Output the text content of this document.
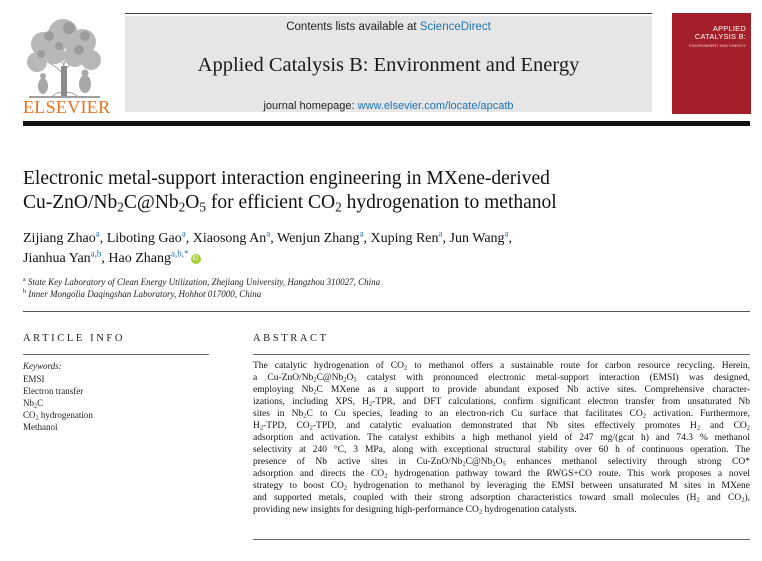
Contents lists available at ScienceDirect
Applied Catalysis B: Environment and Energy
journal homepage: www.elsevier.com/locate/apcatb
ELSEVIER
APPLIED
CATALYSIS B:
ENVIRONMENT AND ENERGY
Electronic metal-support interaction engineering in MXene-derived
$Cu-ZnO/Nb_2C@Nb_2O_5$ for efficient $CO_2$ hydrogenation to methanol
Zijiang Zhao$^a$, Liboting Gao$^a$, Xiaosong An$^a$, Wenjun Zhang$^a$, Xuping Ren$^a$, Jun Wang$^a$,
Jianhua Yan$^{a,b}$, Hao Zhang$^{a,b,*}$iD
$^a$ State Key Laboratory of Clean Energy Utilization, Zhejiang University, Hangzhou 310027, China
$^b$ Inner Mongolia Daqingshan Laboratory, Hohhot 017000, China
ARTICLE INFO
Keywords:
EMSI
Electron transfer
$Nb_2C$
$CO_2$ hydrogenation
Methanol
ABSTRACT

The catalytic hydrogenation of $CO_2$ to methanol offers a sustainable route for carbon resource recycling. Herein,

a $Cu-ZnO/Nb_2C@Nb_2O_5$ catalyst with pronounced electronic metal-support interaction (EMSI) was designed,

employing $Nb_2C$ MXene as a support to provide abundant exposed Nb active sites. Comprehensive character-

izations, including XPS, $H_2$-TPR, and DFT calculations, confirm significant electron transfer from unsaturated Nb

sites in $Nb_2C$ to Cu species, leading to an electron-rich Cu surface that facilitates $CO_2$ activation. Furthermore,

$H_2$-TPD, $CO_2$-TPD, and catalytic evaluation demonstrated that Nb sites effectively promotes $H_2$ and $CO_2$

adsorption and activation. The catalyst exhibits a high methanol yield of 247 mg/(gcat h) and 74.3 % methanol

selectivity at 240 °C, 3 MPa, along with exceptional structural stability over 60 h of continuous operation. The

presence of Nb active sites in $Cu-ZnO/Nb_2C@Nb_2O_5$ enhances methanol selectivity through strong CO*

adsorption and directs the $CO_2$ hydrogenation pathway toward the RWGS+CO route. This work proposes a novel

strategy to boost $CO_2$ hydrogenation to methanol by leveraging the EMSI between unsaturated M sites in MXene

and supported metals, coupled with their strong adsorption characteristics toward small molecules ($H_2$ and $CO_2$),

providing new insights for designing high-performance $CO_2$ hydrogenation catalysts.
